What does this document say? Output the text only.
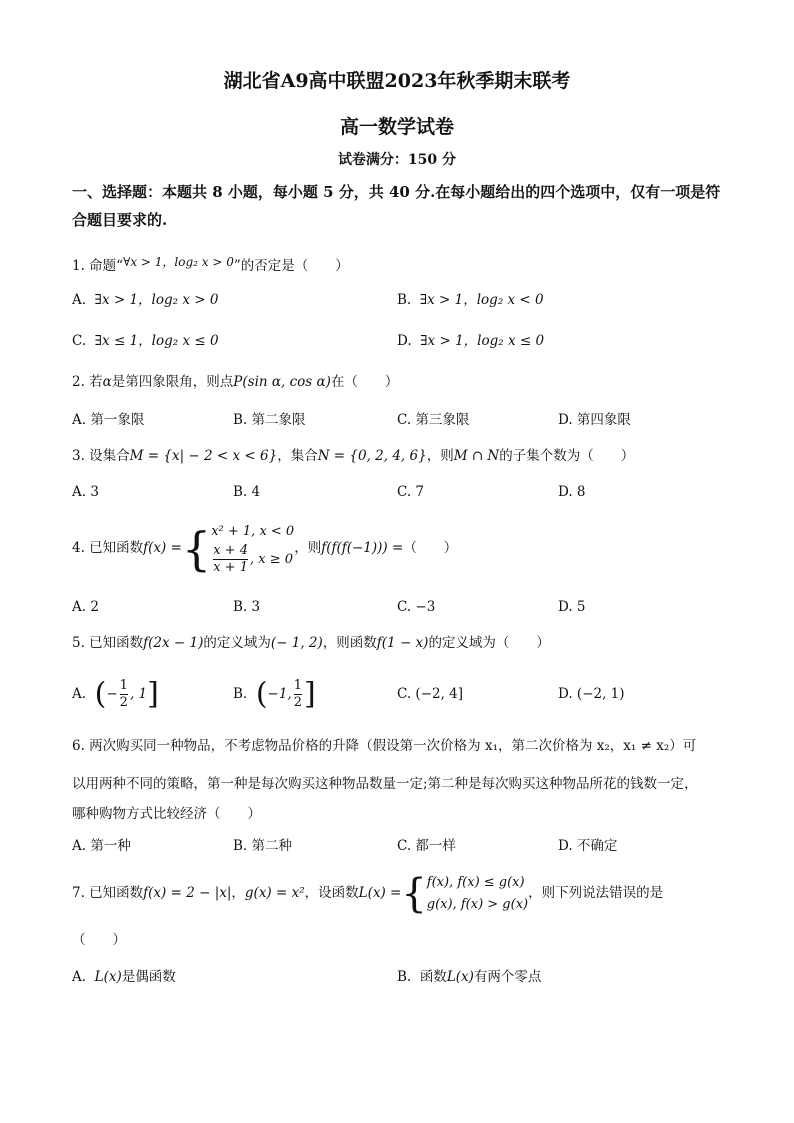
湖北省A9高中联盟2023年秋季期末联考
高一数学试卷
试卷满分：150 分
一、选择题：本题共 8 小题，每小题 5 分，共 40 分.在每小题给出的四个选项中，仅有一项是符合题目要求的.
1. 命题“∀x > 1，log₂ x > 0”的否定是（　　）
A. ∃x > 1，log₂ x > 0	B. ∃x > 1，log₂ x < 0
C. ∃x ≤ 1，log₂ x ≤ 0	D. ∃x > 1，log₂ x ≤ 0
2. 若α是第四象限角，则点P(sin α, cos α)在（　　）
A. 第一象限	B. 第二象限	C. 第三象限	D. 第四象限
3. 设集合M = {x| − 2 < x < 6}，集合N = {0, 2, 4, 6}，则M ∩ N的子集个数为（　　）
A. 3	B. 4	C. 7	D. 8
4. 已知函数f(x) ={ x² + 1, x < 0
$\frac{x + 4}{x + 1}$ , x ≥ 0
，则f(f(f(−1))) =（　　）
A. 2	B. 3	C. −3	D. 5
5. 已知函数f(2x − 1)的定义域为(− 1, 2)，则函数f(1 − x)的定义域为（　　）
A. (− $\frac{1}{2}$ , 1]	B. (−1, $\frac{1}{2}$ ]	C. (−2, 4]	D. (−2, 1)
6. 两次购买同一种物品，不考虑物品价格的升降（假设第一次价格为 x₁，第二次价格为 x₂，x₁ ≠ x₂）可
以用两种不同的策略，第一种是每次购买这种物品数量一定;第二种是每次购买这种物品所花的钱数一定，
哪种购物方式比较经济（　　）
A. 第一种	B. 第二种	C. 都一样	D. 不确定
7. 已知函数f(x) = 2 − |x|，g(x) = x²，设函数L(x) ={ f(x), f(x) ≤ g(x)
g(x), f(x) > g(x)
，则下列说法错误的是
（　　）
A. L(x)是偶函数	B. 函数L(x)有两个零点
